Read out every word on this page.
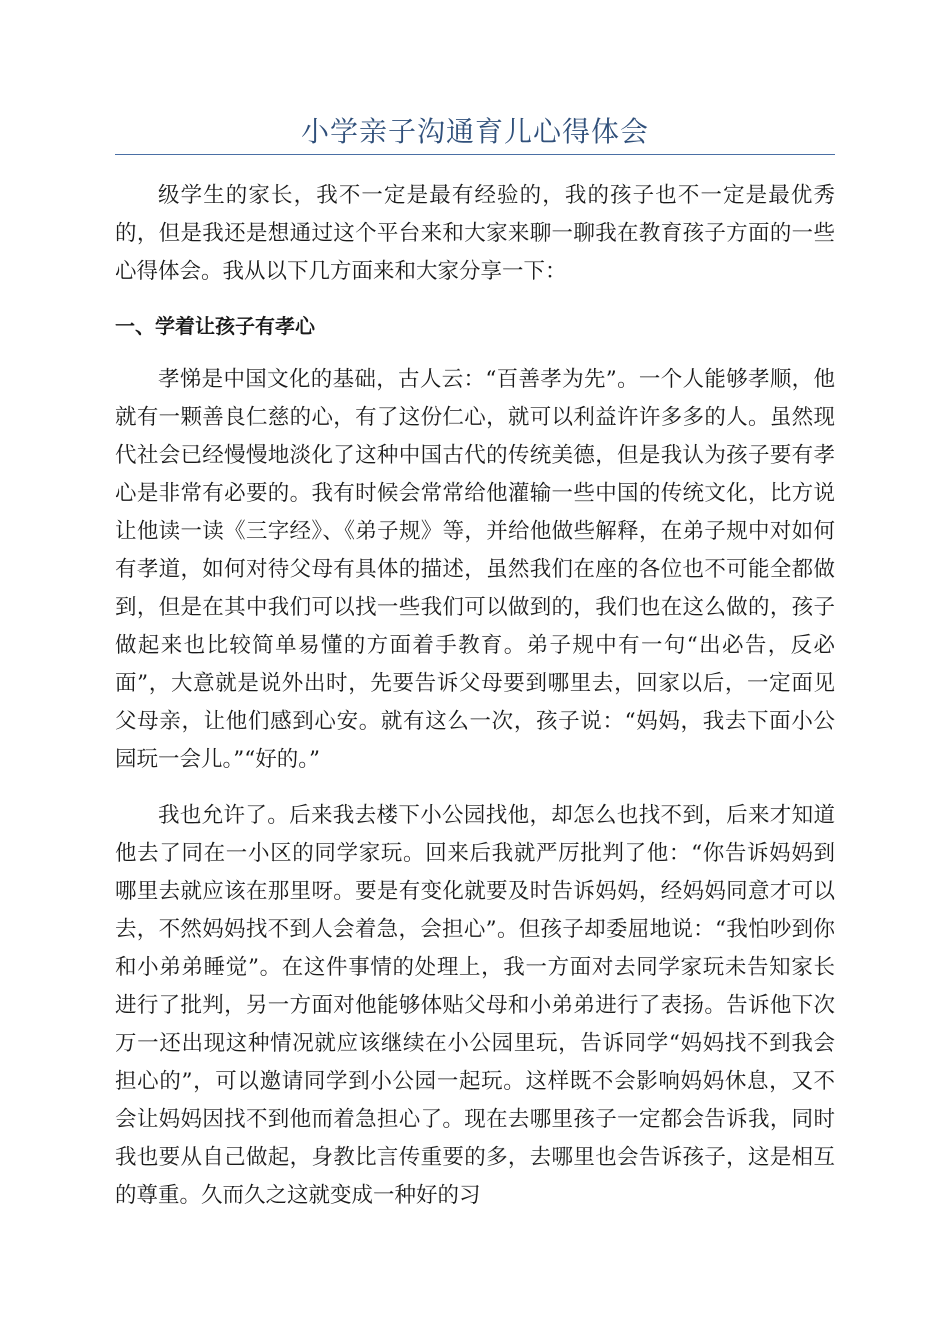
小学亲子沟通育儿心得体会

级学生的家长，我不一定是最有经验的，我的孩子也不一定是最优秀的，但是我还是想通过这个平台来和大家来聊一聊我在教育孩子方面的一些心得体会。我从以下几方面来和大家分享一下：

一、学着让孩子有孝心

孝悌是中国文化的基础，古人云：“百善孝为先”。一个人能够孝顺，他就有一颗善良仁慈的心，有了这份仁心，就可以利益许许多多的人。虽然现代社会已经慢慢地淡化了这种中国古代的传统美德，但是我认为孩子要有孝心是非常有必要的。我有时候会常常给他灌输一些中国的传统文化，比方说让他读一读《三字经》、《弟子规》等，并给他做些解释，在弟子规中对如何有孝道，如何对待父母有具体的描述，虽然我们在座的各位也不可能全都做到，但是在其中我们可以找一些我们可以做到的，我们也在这么做的，孩子做起来也比较简单易懂的方面着手教育。弟子规中有一句“出必告，反必面”，大意就是说外出时，先要告诉父母要到哪里去，回家以后，一定面见父母亲，让他们感到心安。就有这么一次，孩子说：“妈妈，我去下面小公园玩一会儿。”“好的。”

我也允许了。后来我去楼下小公园找他，却怎么也找不到，后来才知道他去了同在一小区的同学家玩。回来后我就严厉批判了他：“你告诉妈妈到哪里去就应该在那里呀。要是有变化就要及时告诉妈妈，经妈妈同意才可以去，不然妈妈找不到人会着急，会担心”。但孩子却委屈地说：“我怕吵到你和小弟弟睡觉”。在这件事情的处理上，我一方面对去同学家玩未告知家长进行了批判，另一方面对他能够体贴父母和小弟弟进行了表扬。告诉他下次万一还出现这种情况就应该继续在小公园里玩，告诉同学“妈妈找不到我会担心的”，可以邀请同学到小公园一起玩。这样既不会影响妈妈休息，又不会让妈妈因找不到他而着急担心了。现在去哪里孩子一定都会告诉我，同时我也要从自己做起，身教比言传重要的多，去哪里也会告诉孩子，这是相互的尊重。久而久之这就变成一种好的习
